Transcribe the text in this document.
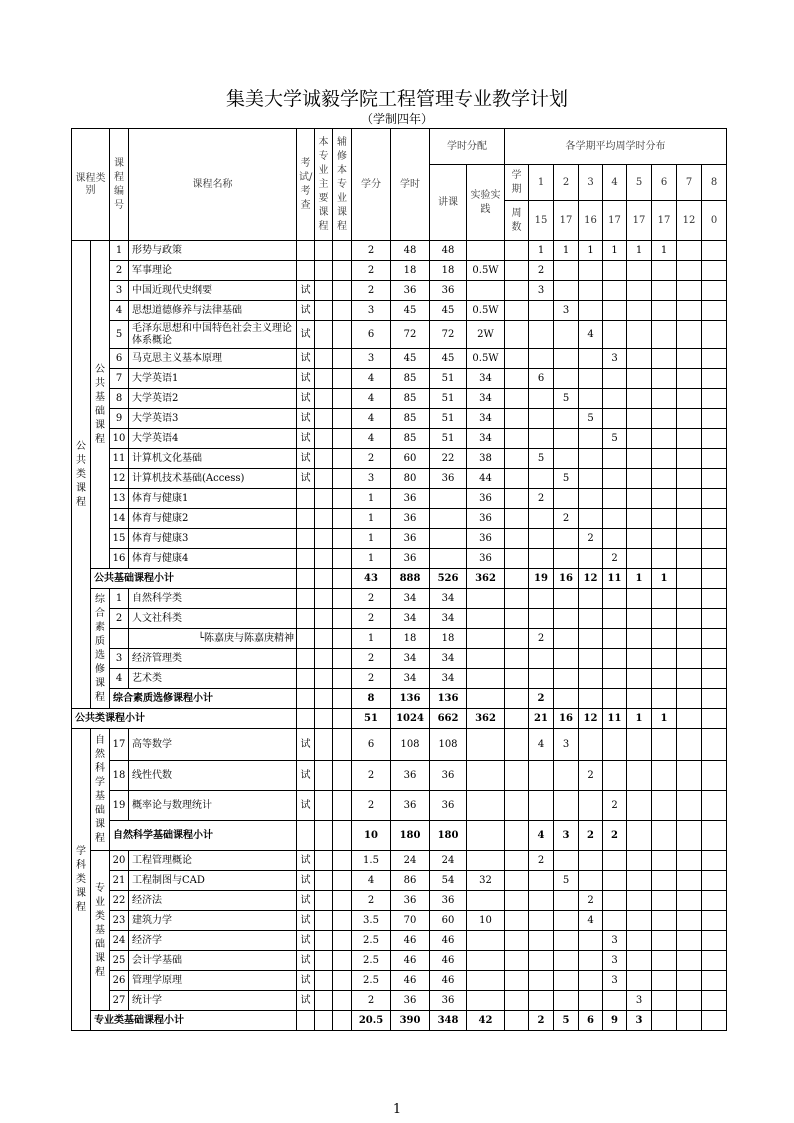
集美大学诚毅学院工程管理专业教学计划
（学制四年）
课程类别		课程编号	课程名称	考试/考查	本专业主要课程	辅修本专业课程	学分	学时	学时分配		各学期平均周学时分布								
									讲课	实验实践	学期	1	2	3	4	5	6	7	8
											周数	15	17	16	17	17	17	12	0
公共类课程	公共基础课程	1	形势与政策				2	48	48			1	1	1	1	1	1		
		2	军事理论				2	18	18	0.5W		2							
		3	中国近现代史纲要	试			2	36	36			3							
		4	思想道德修养与法律基础	试			3	45	45	0.5W			3						
		5	毛泽东思想和中国特色社会主义理论体系概论	试			6	72	72	2W				4					
		6	马克思主义基本原理	试			3	45	45	0.5W					3				
		7	大学英语1	试			4	85	51	34		6							
		8	大学英语2	试			4	85	51	34			5						
		9	大学英语3	试			4	85	51	34				5					
		10	大学英语4	试			4	85	51	34					5				
		11	计算机文化基础	试			2	60	22	38		5							
		12	计算机技术基础(Access)	试			3	80	36	44			5						
		13	体育与健康1				1	36		36		2							
		14	体育与健康2				1	36		36			2						
		15	体育与健康3				1	36		36				2					
		16	体育与健康4				1	36		36					2				
	公共基础课程小计						43	888	526	362		19	16	12	11	1	1		
	综合素质选修课程	1	自然科学类				2	34	34										
		2	人文社科类				2	34	34										
			└陈嘉庚与陈嘉庚精神				1	18	18			2							
		3	经济管理类				2	34	34										
		4	艺术类				2	34	34										
		综合素质选修课程小计					8	136	136			2							
公共类课程小计							51	1024	662	362		21	16	12	11	1	1		
学科类课程	自然科学基础课程	17	高等数学	试			6	108	108			4	3						
		18	线性代数	试			2	36	36					2					
		19	概率论与数理统计	试			2	36	36						2				
		自然科学基础课程小计					10	180	180			4	3	2	2				
	专业类基础课程	20	工程管理概论	试			1.5	24	24			2							
		21	工程制图与CAD	试			4	86	54	32			5						
		22	经济法	试			2	36	36					2					
		23	建筑力学	试			3.5	70	60	10				4					
		24	经济学	试			2.5	46	46						3				
		25	会计学基础	试			2.5	46	46						3				
		26	管理学原理	试			2.5	46	46						3				
		27	统计学	试			2	36	36							3			
	专业类基础课程小计						20.5	390	348	42		2	5	6	9	3			
1
